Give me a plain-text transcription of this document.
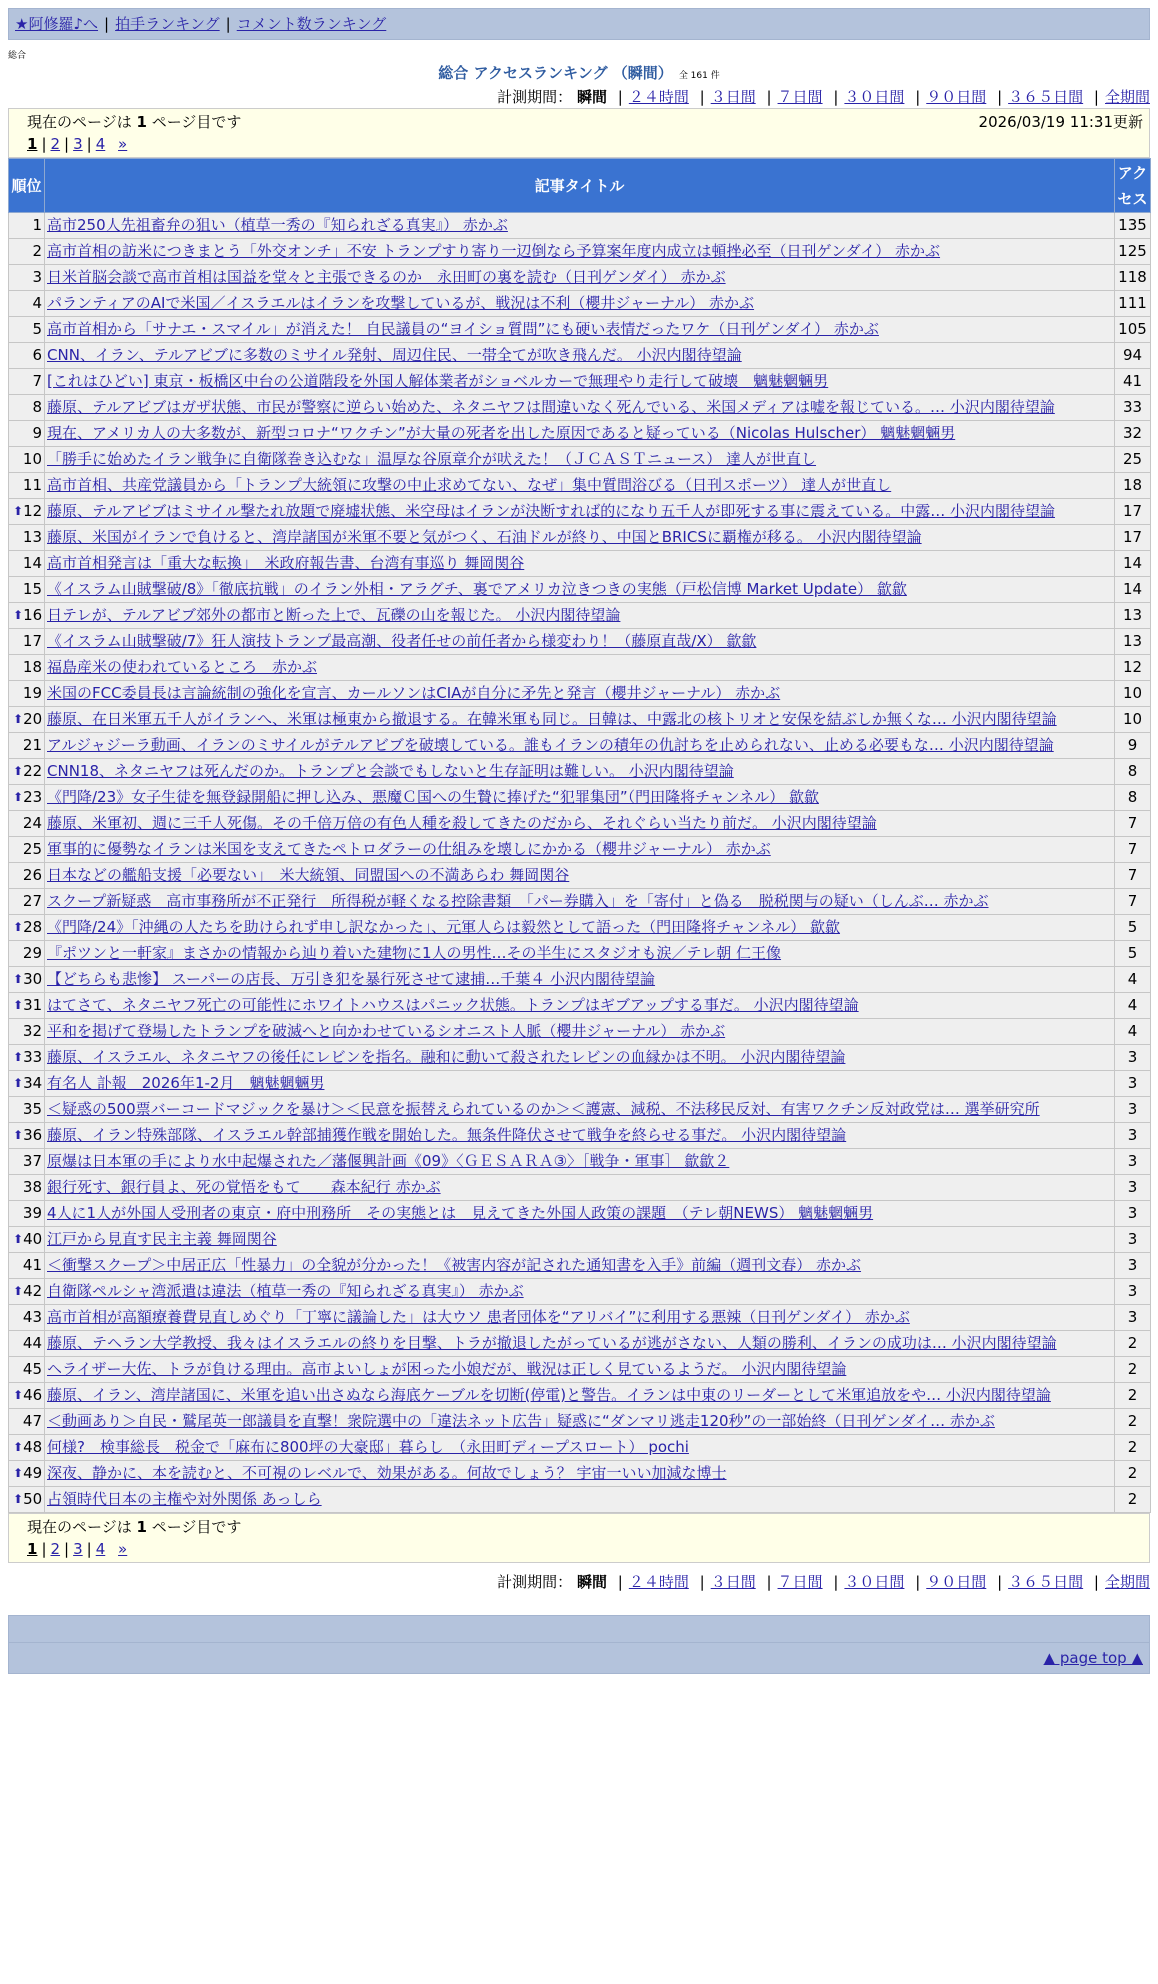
★阿修羅♪へ | 拍手ランキング | コメント数ランキング
総合
総合 アクセスランキング （瞬間） 全 161 件
計測期間： 瞬間 | ２４時間 | ３日間 | ７日間 | ３０日間 | ９０日間 | ３６５日間 | 全期間
現在のページは 1 ページ目です	2026/03/19 11:31更新
1 | 2 | 3 | 4 »
順位	記事タイトル	アクセス
1	高市250人先祖畜弁の狙い（植草一秀の『知られざる真実』） 赤かぶ	135
2	高市首相の訪米につきまとう「外交オンチ」不安 トランプすり寄り一辺倒なら予算案年度内成立は頓挫必至（日刊ゲンダイ） 赤かぶ	125
3	日米首脳会談で高市首相は国益を堂々と主張できるのか　永田町の裏を読む（日刊ゲンダイ） 赤かぶ	118
4	パランティアのAIで米国／イスラエルはイランを攻撃しているが、戦況は不利（櫻井ジャーナル） 赤かぶ	111
5	高市首相から「サナエ・スマイル」が消えた！ 自民議員の“ヨイショ質問”にも硬い表情だったワケ（日刊ゲンダイ） 赤かぶ	105
6	CNN、イラン、テルアビブに多数のミサイル発射、周辺住民、一帯全てが吹き飛んだ。 小沢内閣待望論	94
7	[これはひどい] 東京・板橋区中台の公道階段を外国人解体業者がショベルカーで無理やり走行して破壊　魑魅魍魎男	41
8	藤原、テルアビブはガザ状態、市民が警察に逆らい始めた、ネタニヤフは間違いなく死んでいる、米国メディアは嘘を報じている。… 小沢内閣待望論	33
9	現在、アメリカ人の大多数が、新型コロナ“ワクチン”が大量の死者を出した原因であると疑っている（Nicolas Hulscher） 魑魅魍魎男	32
10	「勝手に始めたイラン戦争に自衛隊巻き込むな」温厚な谷原章介が吠えた！（ＪＣＡＳＴニュース） 達人が世直し	25
11	高市首相、共産党議員から「トランプ大統領に攻撃の中止求めてない、なぜ」集中質問浴びる（日刊スポーツ） 達人が世直し	18

⬆ 12	藤原、テルアビブはミサイル撃たれ放題で廃墟状態、米空母はイランが決断すれば的になり五千人が即死する事に震えている。中露… 小沢内閣待望論	17
13	藤原、米国がイランで負けると、湾岸諸国が米軍不要と気がつく、石油ドルが終り、中国とBRICSに覇権が移る。 小沢内閣待望論	17
14	高市首相発言は「重大な転換」　米政府報告書、台湾有事巡り 舞岡関谷	14
15	《イスラム山賊撃破/8》「徹底抗戦」のイラン外相・アラグチ、裏でアメリカ泣きつきの実態（戸松信博 Market Update） 歙歙	14

⬆ 16	日テレが、テルアビブ郊外の都市と断った上で、瓦礫の山を報じた。 小沢内閣待望論	13
17	《イスラム山賊撃破/7》狂人演技トランプ最高潮、役者任せの前任者から様変わり！（藤原直哉/X） 歙歙	13
18	福島産米の使われているところ　赤かぶ	12
19	米国のFCC委員長は言論統制の強化を宣言、カールソンはCIAが自分に矛先と発言（櫻井ジャーナル） 赤かぶ	10

⬆ 20	藤原、在日米軍五千人がイランへ、米軍は極東から撤退する。在韓米軍も同じ。日韓は、中露北の核トリオと安保を結ぶしか無くな… 小沢内閣待望論	10
21	アルジャジーラ動画、イランのミサイルがテルアビブを破壊している。誰もイランの積年の仇討ちを止められない、止める必要もな… 小沢内閣待望論	9

⬆ 22	CNN18、ネタニヤフは死んだのか。トランプと会談でもしないと生存証明は難しい。 小沢内閣待望論	8

⬆ 23	《門降/23》女子生徒を無登録開船に押し込み、悪魔Ｃ国への生贄に捧げた“犯罪集団”（門田隆将チャンネル） 歙歙	8
24	藤原、米軍初、週に三千人死傷。その千倍万倍の有色人種を殺してきたのだから、それぐらい当たり前だ。 小沢内閣待望論	7
25	軍事的に優勢なイランは米国を支えてきたペトロダラーの仕組みを壊しにかかる（櫻井ジャーナル） 赤かぶ	7
26	日本などの艦船支援「必要ない」　米大統領、同盟国への不満あらわ 舞岡関谷	7
27	スクープ新疑惑　高市事務所が不正発行　所得税が軽くなる控除書類　「パー券購入」を「寄付」と偽る　脱税関与の疑い（しんぶ… 赤かぶ	7

⬆ 28	《門降/24》「沖縄の人たちを助けられず申し訳なかった」、元軍人らは毅然として語った（門田隆将チャンネル） 歙歙	5
29	『ポツンと一軒家』まさかの情報から辿り着いた建物に1人の男性…その半生にスタジオも涙／テレ朝 仁王像	5

⬆ 30	【どちらも悲惨】 スーパーの店長、万引き犯を暴行死させて逮捕…千葉４ 小沢内閣待望論	4

⬆ 31	はてさて、ネタニヤフ死亡の可能性にホワイトハウスはパニック状態。トランプはギブアップする事だ。 小沢内閣待望論	4
32	平和を掲げて登場したトランプを破滅へと向かわせているシオニスト人脈（櫻井ジャーナル） 赤かぶ	4

⬆ 33	藤原、イスラエル、ネタニヤフの後任にレビンを指名。融和に動いて殺されたレビンの血縁かは不明。 小沢内閣待望論	3

⬆ 34	有名人 訃報　2026年1-2月　魑魅魍魎男	3
35	＜疑惑の500票バーコードマジックを暴け＞＜民意を振替えられているのか＞＜護憲、減税、不法移民反対、有害ワクチン反対政党は… 選挙研究所	3

⬆ 36	藤原、イラン特殊部隊、イスラエル幹部捕獲作戦を開始した。無条件降伏させて戦争を終らせる事だ。 小沢内閣待望論	3
37	原爆は日本軍の手により水中起爆された／藩偃興計画《09》〈ＧＥＳＡＲＡ③〉［戦争・軍事］ 歙歙２	3
38	銀行死す、銀行員よ、死の覚悟をもて　　森本紀行 赤かぶ	3
39	4人に1人が外国人受刑者の東京・府中刑務所　その実態とは　見えてきた外国人政策の課題　（テレ朝NEWS） 魑魅魍魎男	3

⬆ 40	江戸から見直す民主主義 舞岡関谷	3
41	＜衝撃スクープ＞中居正広「性暴力」の全貌が分かった！《被害内容が記された通知書を入手》前編（週刊文春） 赤かぶ	3

⬆ 42	自衛隊ペルシャ湾派遣は違法（植草一秀の『知られざる真実』） 赤かぶ	3
43	高市首相が高額療養費見直しめぐり「丁寧に議論した」は大ウソ 患者団体を“アリバイ”に利用する悪辣（日刊ゲンダイ） 赤かぶ	3
44	藤原、テヘラン大学教授、我々はイスラエルの終りを目撃、トラが撤退したがっているが逃がさない、人類の勝利、イランの成功は… 小沢内閣待望論	2
45	ヘライザー大佐、トラが負ける理由。高市よいしょが困った小娘だが、戦況は正しく見ているようだ。 小沢内閣待望論	2

⬆ 46	藤原、イラン、湾岸諸国に、米軍を追い出さぬなら海底ケーブルを切断(停電)と警告。イランは中東のリーダーとして米軍追放をや… 小沢内閣待望論	2
47	＜動画あり＞自民・鷲尾英一郎議員を直撃！衆院選中の「違法ネット広告」疑惑に“ダンマリ逃走120秒”の一部始終（日刊ゲンダイ… 赤かぶ	2

⬆ 48	何様?　検事総長　税金で「麻布に800坪の大豪邸」暮らし　（永田町ディープスロート） pochi	2

⬆ 49	深夜、静かに、本を読むと、不可視のレベルで、効果がある。何故でしょう？ 宇宙一いい加減な博士	2

⬆ 50	占領時代日本の主権や対外関係 あっしら	2
現在のページは 1 ページ目です
1 | 2 | 3 | 4 »
計測期間： 瞬間 | ２４時間 | ３日間 | ７日間 | ３０日間 | ９０日間 | ３６５日間 | 全期間
▲ page top ▲
